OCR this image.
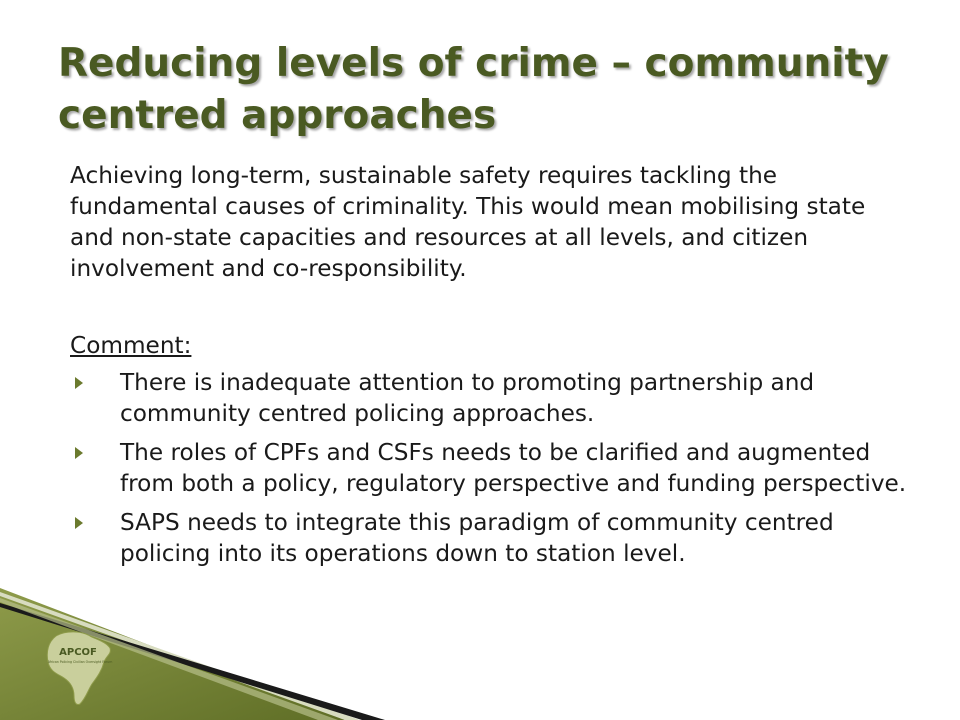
APCOF
African Policing Civilian Oversight Forum
Reducing levels of crime – community centred approaches

Achieving long-term, sustainable safety requires tackling the fundamental causes of criminality. This would mean mobilising state and non-state capacities and resources at all levels, and citizen involvement and co-responsibility.

Comment:

There is inadequate attention to promoting partnership and community centred policing approaches.
The roles of CPFs and CSFs needs to be clarified and augmented from both a policy, regulatory perspective and funding perspective.
SAPS needs to integrate this paradigm of community centred policing into its operations down to station level.
